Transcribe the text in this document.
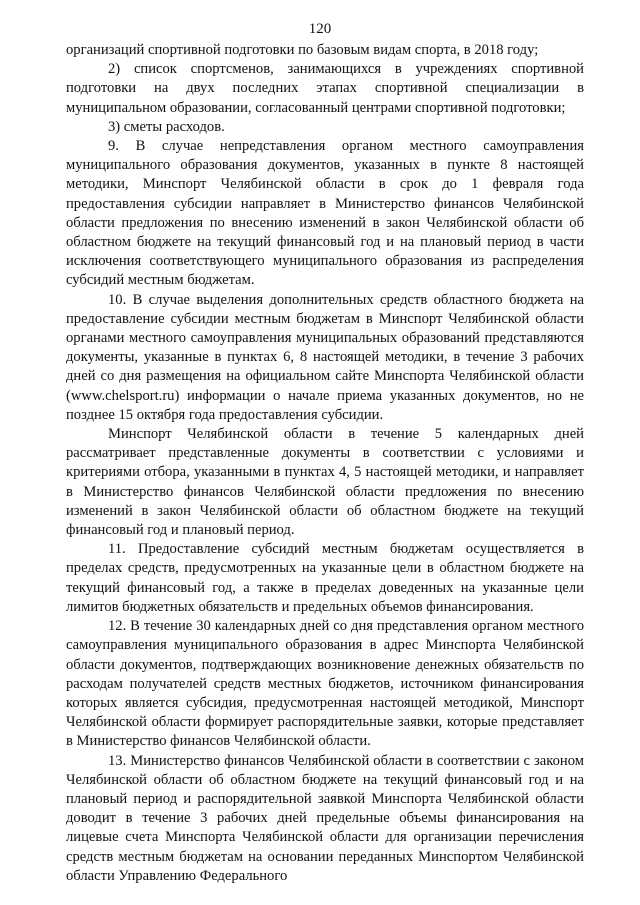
120

организаций спортивной подготовки по базовым видам спорта, в 2018 году;

2) список спортсменов, занимающихся в учреждениях спортивной подготовки на двух последних этапах спортивной специализации в муниципальном образовании, согласованный центрами спортивной подготовки;

3) сметы расходов.

9. В случае непредставления органом местного самоуправления муниципального образования документов, указанных в пункте 8 настоящей методики, Минспорт Челябинской области в срок до 1 февраля года предоставления субсидии направляет в Министерство финансов Челябинской области предложения по внесению изменений в закон Челябинской области об областном бюджете на текущий финансовый год и на плановый период в части исключения соответствующего муниципального образования из распределения субсидий местным бюджетам.

10. В случае выделения дополнительных средств областного бюджета на предоставление субсидии местным бюджетам в Минспорт Челябинской области органами местного самоуправления муниципальных образований представляются документы, указанные в пунктах 6, 8 настоящей методики, в течение 3 рабочих дней со дня размещения на официальном сайте Минспорта Челябинской области (www.chelsport.ru) информации о начале приема указанных документов, но не позднее 15 октября года предоставления субсидии.

Минспорт Челябинской области в течение 5 календарных дней рассматривает представленные документы в соответствии с условиями и критериями отбора, указанными в пунктах 4, 5 настоящей методики, и направляет в Министерство финансов Челябинской области предложения по внесению изменений в закон Челябинской области об областном бюджете на текущий финансовый год и плановый период.

11. Предоставление субсидий местным бюджетам осуществляется в пределах средств, предусмотренных на указанные цели в областном бюджете на текущий финансовый год, а также в пределах доведенных на указанные цели лимитов бюджетных обязательств и предельных объемов финансирования.

12. В течение 30 календарных дней со дня представления органом местного самоуправления муниципального образования в адрес Минспорта Челябинской области документов, подтверждающих возникновение денежных обязательств по расходам получателей средств местных бюджетов, источником финансирования которых является субсидия, предусмотренная настоящей методикой, Минспорт Челябинской области формирует распорядительные заявки, которые представляет в Министерство финансов Челябинской области.

13. Министерство финансов Челябинской области в соответствии с законом Челябинской области об областном бюджете на текущий финансовый год и на плановый период и распорядительной заявкой Минспорта Челябинской области доводит в течение 3 рабочих дней предельные объемы финансирования на лицевые счета Минспорта Челябинской области для организации перечисления средств местным бюджетам на основании переданных Минспортом Челябинской области Управлению Федерального
